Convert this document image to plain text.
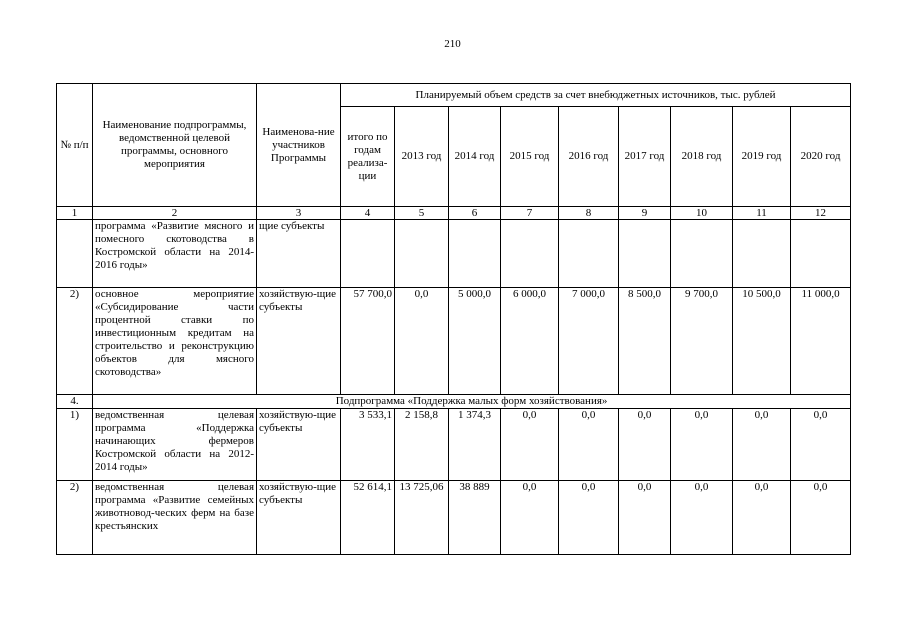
210
№ п/п	Наименование подпрограммы, ведомственной целевой программы, основного мероприятия	Наименова-ние участников Программы	Планируемый объем средств за счет внебюджетных источников, тыс. рублей								
			итого по годам реализа-ции	2013 год	2014 год	2015 год	2016 год	2017 год	2018 год	2019 год	2020 год
1	2	3	4	5	6	7	8	9	10	11	12
	программа «Развитие мясного и помесного скотоводства в Костромской области на 2014-2016 годы»	щие субъекты									
2)	основное мероприятие «Субсидирование части процентной ставки по инвестиционным кредитам на строительство и реконструкцию объектов для мясного скотоводства»	хозяйствую-щие субъекты	57 700,0	0,0	5 000,0	6 000,0	7 000,0	8 500,0	9 700,0	10 500,0	11 000,0
4.	Подпрограмма «Поддержка малых форм хозяйствования»										
1)	ведомственная целевая программа «Поддержка начинающих фермеров Костромской области на 2012-2014 годы»	хозяйствую-щие субъекты	3 533,1	2 158,8	1 374,3	0,0	0,0	0,0	0,0	0,0	0,0
2)	ведомственная целевая программа «Развитие семейных животновод-ческих ферм на базе крестьянских	хозяйствую-щие субъекты	52 614,1	13 725,06	38 889	0,0	0,0	0,0	0,0	0,0	0,0
